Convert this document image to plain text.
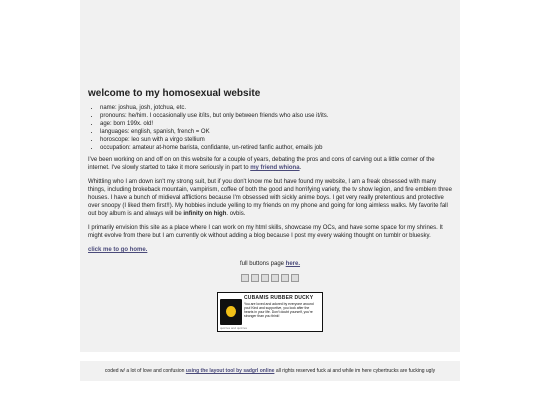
welcome to my homosexual website
• name: joshua, josh, jotchua, etc.
• pronouns: he/him. I occasionally use it/its, but only between friends who also use it/its.
• age: born 199x. old!
• languages: english, spanish, french = OK
• horoscope: leo sun with a virgo stellium
• occupation: amateur at-home barista, confidante, un-retired fanfic author, emails job

I've been working on and off on on this website for a couple of years, debating the pros and cons of carving out a little corner of the internet. I've slowly started to take it more seriously in part to my friend whiona.

Whittling who I am down isn't my strong suit, but if you don't know me but have found my website, I am a freak obsessed with many things, including brokeback mountain, vampirism, coffee of both the good and horrifying variety, the tv show legion, and fire emblem three houses. I have a bunch of midieval afflictions because I'm obsessed with sickly anime boys. I get very really pretentious and protective over snoopy (I liked them first!!). My hobbies include yelling to my friends on my phone and going for long aimless walks. My favorite fall out boy album is and always will be infinity on high. ovbis.

I primarily envision this site as a place where I can work on my html skills, showcase my OCs, and have some space for my shrines. It might evolve from there but I am currently ok without adding a blog because I post my every waking thought on tumblr or bluesky.

click me to go home.

full buttons page here.

CUBAMIS RUBBER DUCKY
You are loved and adored by everyone around you! Kind and supportive, you look after the hearts in your life. Don't doubt yourself, you're stronger than you think!
quizzes and quizzes
coded w/ a lot of love and confusion using the layout tool by sadgrl online all rights reserved fuck ai and while im here cybertrucks are fucking ugly
